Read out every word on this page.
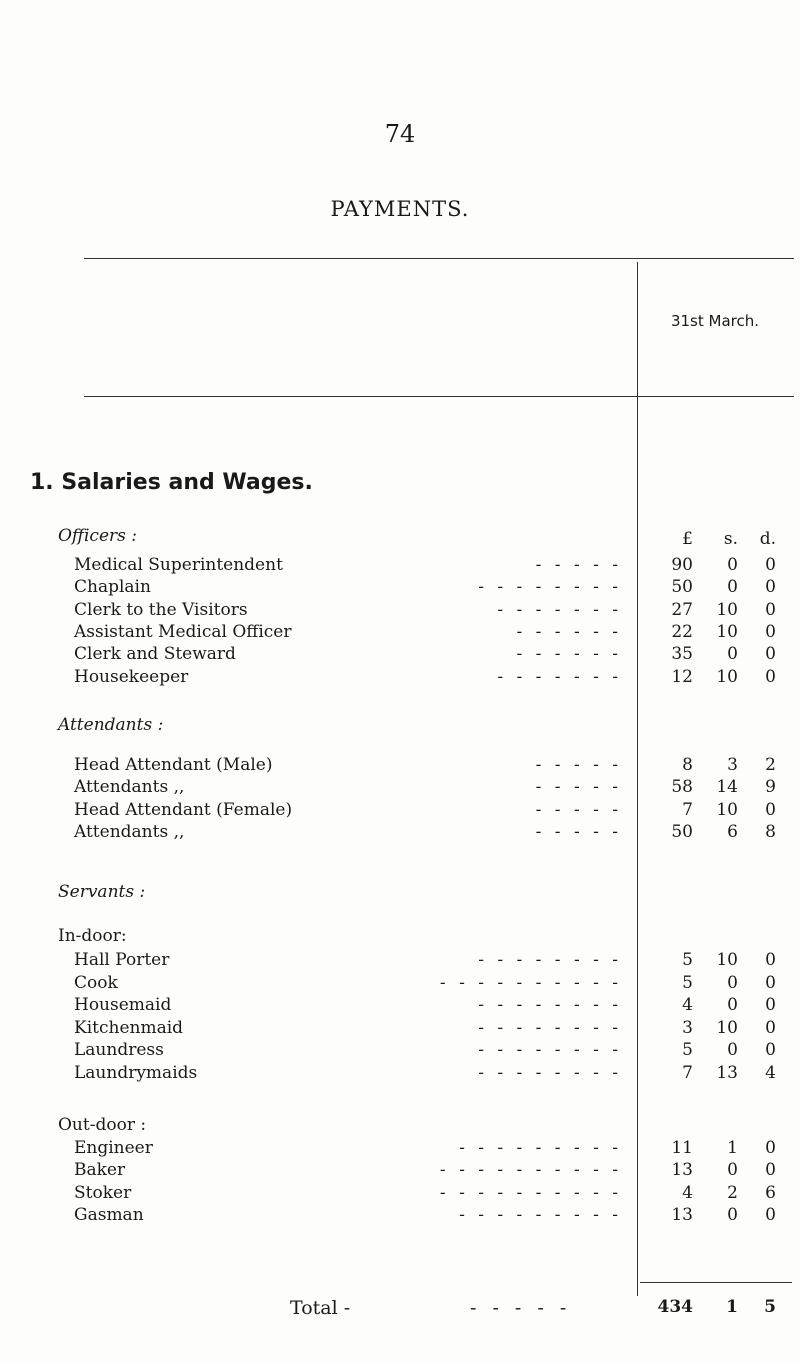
74
PAYMENTS.
31st March.
1. Salaries and Wages.
Officers :	£	s.	d.
Medical Superintendent	- - - - -	90	0	0
Chaplain	- - - - - - - -	50	0	0
Clerk to the Visitors	- - - - - - -	27 10	0
Assistant Medical Officer	- - - - - -	22 10	0
Clerk and Steward	- - - - - -	35	0	0
Housekeeper	- - - - - - -	12 10	0
Attendants :
Head Attendant (Male)	- - - - -	8	3	2
Attendants ,,	- - - - -	58 14	9
Head Attendant (Female)	- - - - -	7 10	0
Attendants ,,	- - - - -	50	6	8
Servants :
In-door:
Hall Porter	- - - - - - - -	5 10	0
Cook	- - - - - - - - - -	5	0	0
Housemaid	- - - - - - - -	4	0	0
Kitchenmaid	- - - - - - - -	3 10	0
Laundress	- - - - - - - -	5	0	0
Laundrymaids	- - - - - - - -	7 13	4
Out-door :
Engineer	- - - - - - - - -	11	1	0
Baker	- - - - - - - - - -	13	0	0
Stoker	- - - - - - - - - -	4	2	6
Gasman	- - - - - - - - -	13	0	0
Total -	- - - - -	434	1	5
